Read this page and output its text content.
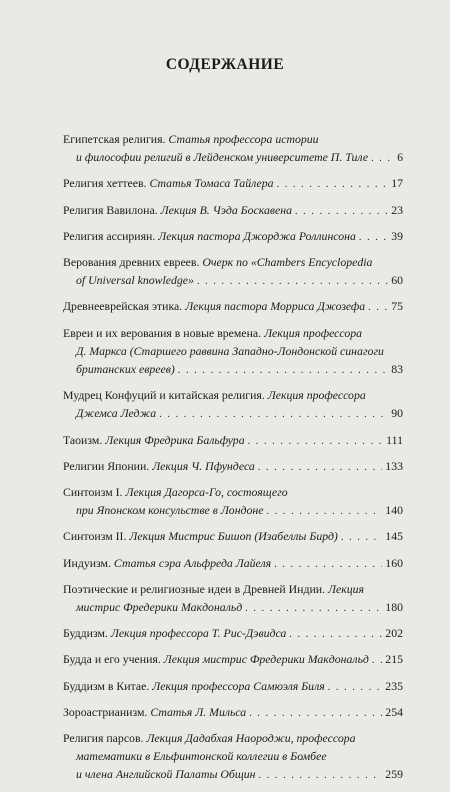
СОДЕРЖАНИЕ
Египетская религия. Статья профессора истории
и философии религий в Лейденском университете П. Тиле . . . 6
Религия хеттеев. Статья Томаса Тайлера . . .	17
Религия Вавилона. Лекция В. Чэда Боскавена . . .	23
Религия ассириян. Лекция пастора Джорджа Роллинсона . . .	39
Верования древних евреев. Очерк по «Chambers Encyclopedia
of Universal knowledge» . . .	60
Древнееврейская этика. Лекция пастора Морриса Джозефа . . . 75
Евреи и их верования в новые времена. Лекция профессора
Д. Маркса (Старшего раввина Западно-Лондонской синагоги
британских евреев) . . .	83
Мудрец Конфуций и китайская религия. Лекция профессора
Джемса Леджа . . .	90
Таоизм. Лекция Фредрика Бальфура . . .	111
Религии Японии. Лекция Ч. Пфундеса . . .	133
Синтоизм I. Лекция Дагорса-Го, состоящего
при Японском консульстве в Лондоне . . .	140
Синтоизм II. Лекция Мистрис Бишоп (Изабеллы Бирд) . . .	145
Индуизм. Статья сэра Альфреда Лайеля . . .	160
Поэтические и религиозные идеи в Древней Индии. Лекция
мистрис Фредерики Макдональд . . .	180
Буддизм. Лекция профессора Т. Рис-Дэвидса . . .	202
Будда и его учения. Лекция мистрис Фредерики Макдональд . . . 215
Буддизм в Китае. Лекция профессора Самюэля Биля . . .	235
Зороастрианизм. Статья Л. Мильса . . .	254
Религия парсов. Лекция Дадабхая Наороджи, профессора
математики в Ельфинтонской коллегии в Бомбее
и члена Английской Палаты Общин . . .	259
